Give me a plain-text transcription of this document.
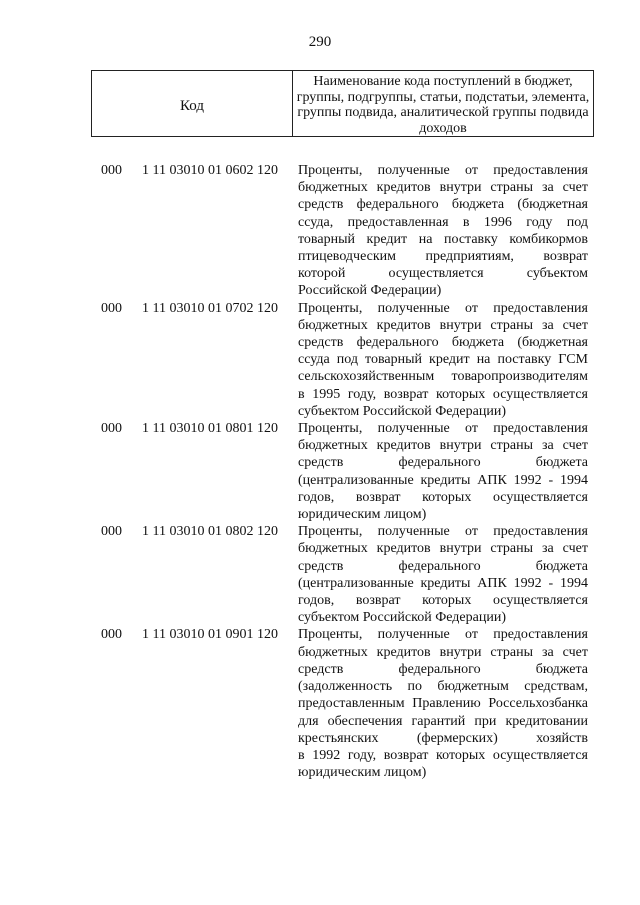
290
Код
Наименование кода поступлений в бюджет, группы, подгруппы, статьи, подстатьи, элемента, группы подвида, аналитической группы подвида доходов
000 1 11 03010 01 0602 120 Проценты, полученные от предоставления
бюджетных кредитов внутри страны за счет
средств федерального бюджета (бюджетная
ссуда, предоставленная в 1996 году под
товарный кредит на поставку комбикормов
птицеводческим предприятиям, возврат
которой осуществляется субъектом
Российской Федерации)
000 1 11 03010 01 0702 120 Проценты, полученные от предоставления
бюджетных кредитов внутри страны за счет
средств федерального бюджета (бюджетная
ссуда под товарный кредит на поставку ГСМ
сельскохозяйственным товаропроизводителям
в 1995 году, возврат которых осуществляется
субъектом Российской Федерации)
000 1 11 03010 01 0801 120 Проценты, полученные от предоставления
бюджетных кредитов внутри страны за счет
средств федерального бюджета
(централизованные кредиты АПК 1992 - 1994
годов, возврат которых осуществляется
юридическим лицом)
000 1 11 03010 01 0802 120 Проценты, полученные от предоставления
бюджетных кредитов внутри страны за счет
средств федерального бюджета
(централизованные кредиты АПК 1992 - 1994
годов, возврат которых осуществляется
субъектом Российской Федерации)
000 1 11 03010 01 0901 120 Проценты, полученные от предоставления
бюджетных кредитов внутри страны за счет
средств федерального бюджета
(задолженность по бюджетным средствам,
предоставленным Правлению Россельхозбанка
для обеспечения гарантий при кредитовании
крестьянских (фермерских) хозяйств
в 1992 году, возврат которых осуществляется
юридическим лицом)
